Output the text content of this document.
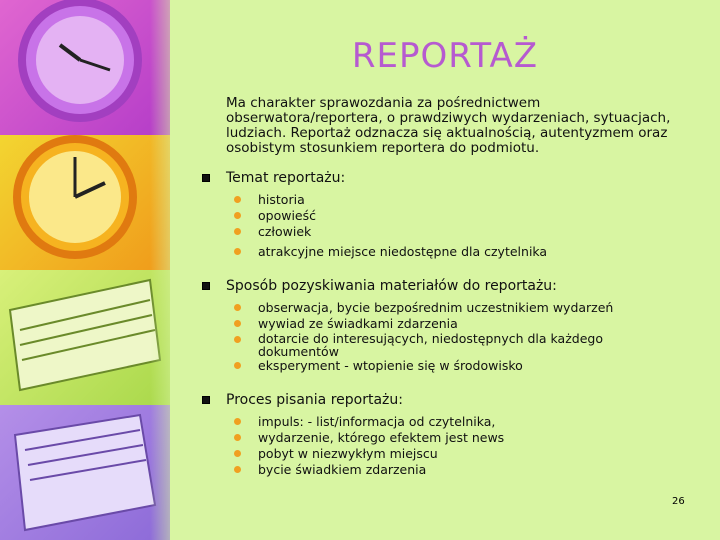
REPORTAŻ

Ma charakter sprawozdania za pośrednictwem obserwatora/reportera, o prawdziwych wydarzeniach, sytuacjach, ludziach. Reportaż odznacza się aktualnością, autentyzmem oraz osobistym stosunkiem reportera do podmiotu.

Temat reportażu:
historia
opowieść
człowiek
atrakcyjne miejsce niedostępne dla czytelnika
Sposób pozyskiwania materiałów do reportażu:
obserwacja, bycie bezpośrednim uczestnikiem wydarzeń
wywiad ze świadkami zdarzenia
dotarcie do interesujących, niedostępnych dla każdego dokumentów
eksperyment - wtopienie się w środowisko
Proces pisania reportażu:
impuls: - list/informacja od czytelnika,
wydarzenie, którego efektem jest news
pobyt w niezwykłym miejscu
bycie świadkiem zdarzenia
26
